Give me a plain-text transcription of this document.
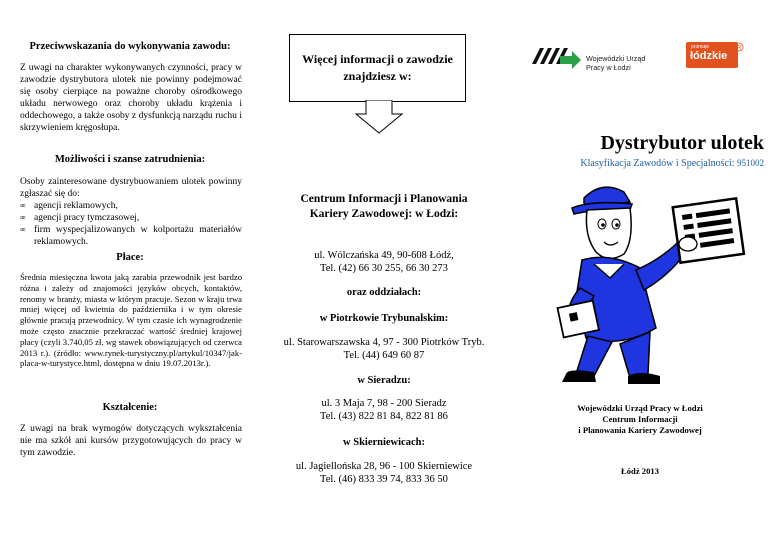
Przeciwwskazania do wykonywania zawodu:
Z uwagi na charakter wykonywanych czynności, pracy w zawodzie dystrybutora ulotek nie powinny podejmować się osoby cierpiące na poważne choroby ośrodkowego układu nerwowego oraz choroby układu krążenia i oddechowego, a także osoby z dysfunkcją narządu ruchu i skrzywieniem kręgosłupa.
Możliwości i szanse zatrudnienia:
Osoby zainteresowane dystrybuowaniem ulotek powinny zgłaszać się do:
∞ agencji reklamowych,
∞ agencji pracy tymczasowej,
∞ firm wyspecjalizowanych w kolportażu materiałów reklamowych.
Płace:
Średnia miesięczna kwota jaką zarabia przewodnik jest bardzo różna i zależy od znajomości języków obcych, kontaktów, renomy w branży, miasta w którym pracuje. Sezon w kraju trwa mniej więcej od kwietnia do października i w tym okresie głównie pracują przewodnicy. W tym czasie ich wynagrodzenie może często znacznie przekraczać wartość średniej krajowej płacy (czyli 3.740,05 zł. wg stawek obowiązujących od czerwca 2013 r.). (źródło: www.rynek-turystyczny.pl/artykul/10347/jak-placa-w-turystyce.html, dostępna w dniu 19.07.2013r.).
Kształcenie:
Z uwagi na brak wymogów dotyczących wykształcenia nie ma szkół ani kursów przygotowujących do pracy w tym zawodzie.
Więcej informacji o zawodzie znajdziesz w:
Centrum Informacji i Planowania Kariery Zawodowej: w Łodzi:
ul. Wólczańska 49, 90-608 Łódź,
Tel. (42) 66 30 255, 66 30 273
oraz oddziałach:
w Piotrkowie Trybunalskim:
ul. Starowarszawska 4, 97 - 300 Piotrków Tryb.
Tel. (44) 649 60 87
w Sieradzu:
ul. 3 Maja 7, 98 - 200 Sieradz
Tel. (43) 822 81 84, 822 81 86
w Skierniewicach:
ul. Jagiellońska 28, 96 - 100 Skierniewice
Tel. (46) 833 39 74, 833 36 50
Wojewódzki Urząd
Pracy w Łodzi
promuje
łódzkie
R
Dystrybutor ulotek
Klasyfikacja Zawodów i Specjalności: 951002
Wojewódzki Urząd Pracy w Łodzi
Centrum Informacji
i Planowania Kariery Zawodowej
Łódź 2013
